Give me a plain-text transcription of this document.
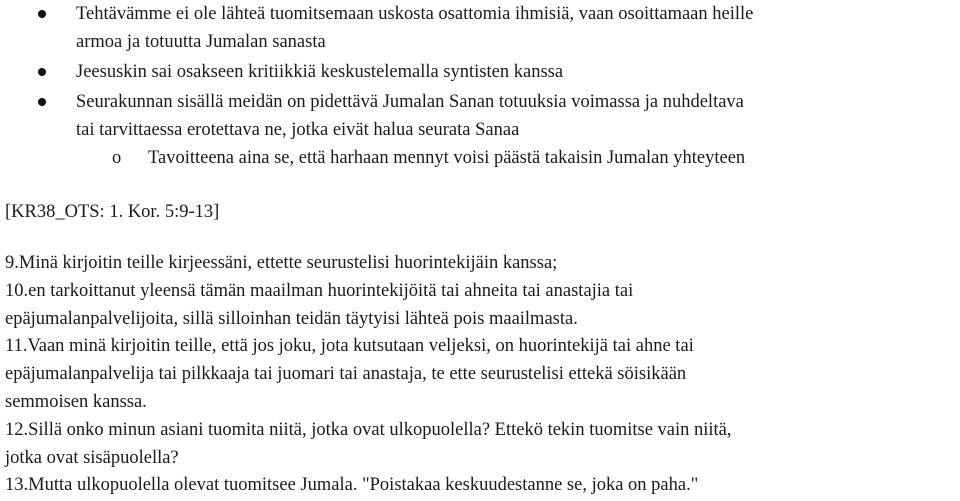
Tehtävämme ei ole lähteä tuomitsemaan uskosta osattomia ihmisiä, vaan osoittamaan heille
armoa ja totuutta Jumalan sanasta
Jeesuskin sai osakseen kritiikkiä keskustelemalla syntisten kanssa
Seurakunnan sisällä meidän on pidettävä Jumalan Sanan totuuksia voimassa ja nuhdeltava
tai tarvittaessa erotettava ne, jotka eivät halua seurata Sanaa
o Tavoitteena aina se, että harhaan mennyt voisi päästä takaisin Jumalan yhteyteen
[KR38_OTS: 1. Kor. 5:9-13]
9.Minä kirjoitin teille kirjeessäni, ettette seurustelisi huorintekijäin kanssa;
10.en tarkoittanut yleensä tämän maailman huorintekijöitä tai ahneita tai anastajia tai
epäjumalanpalvelijoita, sillä silloinhan teidän täytyisi lähteä pois maailmasta.
11.Vaan minä kirjoitin teille, että jos joku, jota kutsutaan veljeksi, on huorintekijä tai ahne tai
epäjumalanpalvelija tai pilkkaaja tai juomari tai anastaja, te ette seurustelisi ettekä söisikään
semmoisen kanssa.
12.Sillä onko minun asiani tuomita niitä, jotka ovat ulkopuolella? Ettekö tekin tuomitse vain niitä,
jotka ovat sisäpuolella?
13.Mutta ulkopuolella olevat tuomitsee Jumala. "Poistakaa keskuudestanne se, joka on paha."
